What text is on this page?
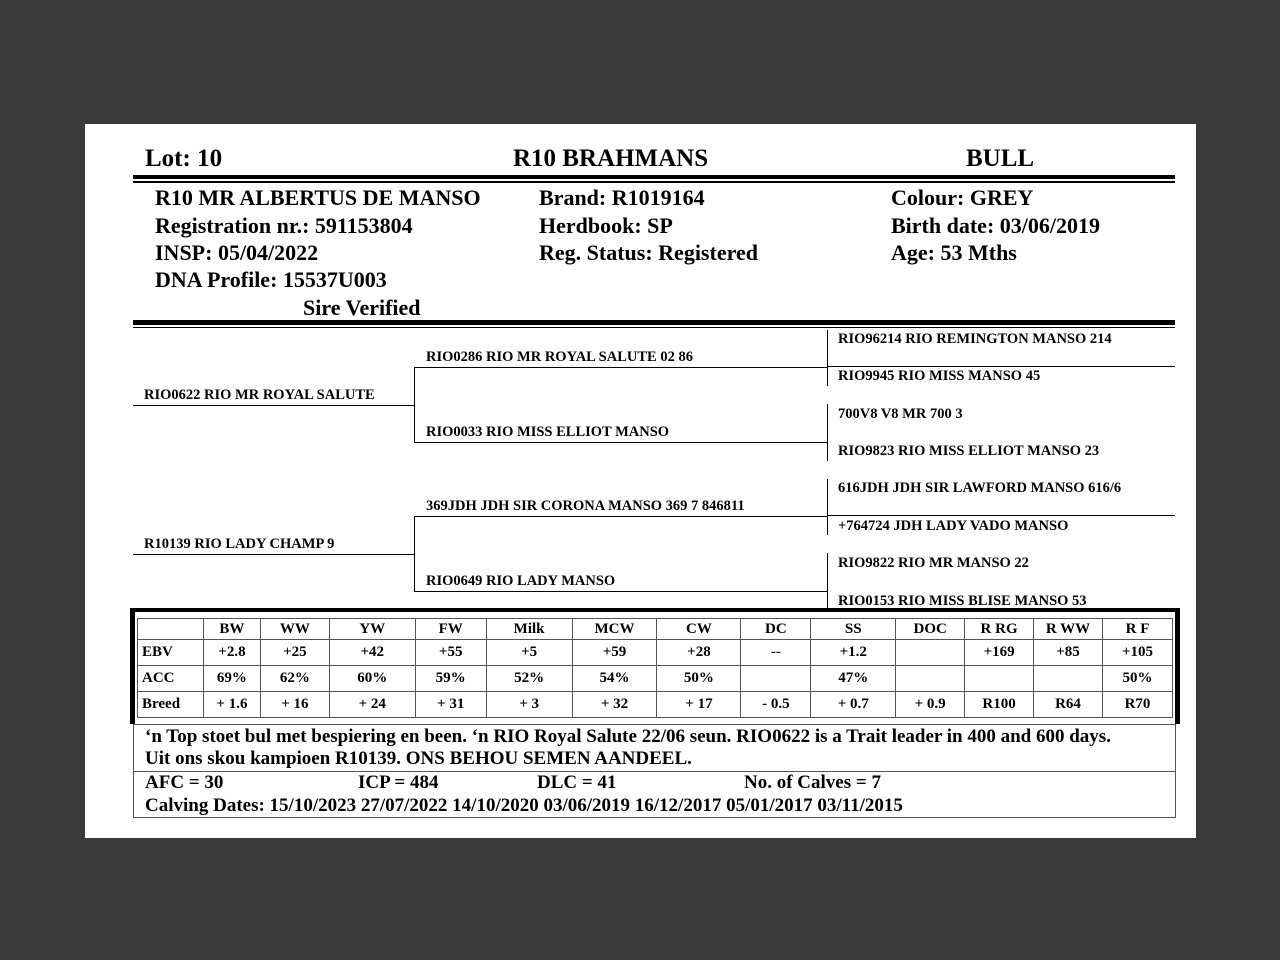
Lot: 10	R10 BRAHMANS	BULL
R10 MR ALBERTUS DE MANSO
Registration nr.: 591153804
INSP: 05/04/2022
DNA Profile: 15537U003
Sire Verified
Brand: R1019164
Herdbook: SP
Reg. Status: Registered
Colour: GREY
Birth date: 03/06/2019
Age: 53 Mths
RIO0622 RIO MR ROYAL SALUTE
R10139 RIO LADY CHAMP 9
RIO0286 RIO MR ROYAL SALUTE 02 86
RIO0033 RIO MISS ELLIOT MANSO
369JDH JDH SIR CORONA MANSO 369 7 846811
RIO0649 RIO LADY MANSO
RIO96214 RIO REMINGTON MANSO 214
RIO9945 RIO MISS MANSO 45
700V8 V8 MR 700 3
RIO9823 RIO MISS ELLIOT MANSO 23
616JDH JDH SIR LAWFORD MANSO 616/6
+764724 JDH LADY VADO MANSO
RIO9822 RIO MR MANSO 22
RIO0153 RIO MISS BLISE MANSO 53
	BW	WW	YW	FW	Milk	MCW	CW	DC	SS	DOC	R RG	R WW	R F
EBV	+2.8	+25	+42	+55	+5	+59	+28	--	+1.2		+169	+85	+105
ACC	69%	62%	60%	59%	52%	54%	50%		47%				50%
Breed	+ 1.6	+ 16	+ 24	+ 31	+ 3	+ 32	+ 17	- 0.5	+ 0.7	+ 0.9	R100	R64	R70
‘n Top stoet bul met bespiering en been. ‘n RIO Royal Salute 22/06 seun. RIO0622 is a Trait leader in 400 and 600 days.
Uit ons skou kampioen R10139. ONS BEHOU SEMEN AANDEEL.
AFC = 30	ICP = 484	DLC = 41	No. of Calves = 7
Calving Dates: 15/10/2023 27/07/2022 14/10/2020 03/06/2019 16/12/2017 05/01/2017 03/11/2015
